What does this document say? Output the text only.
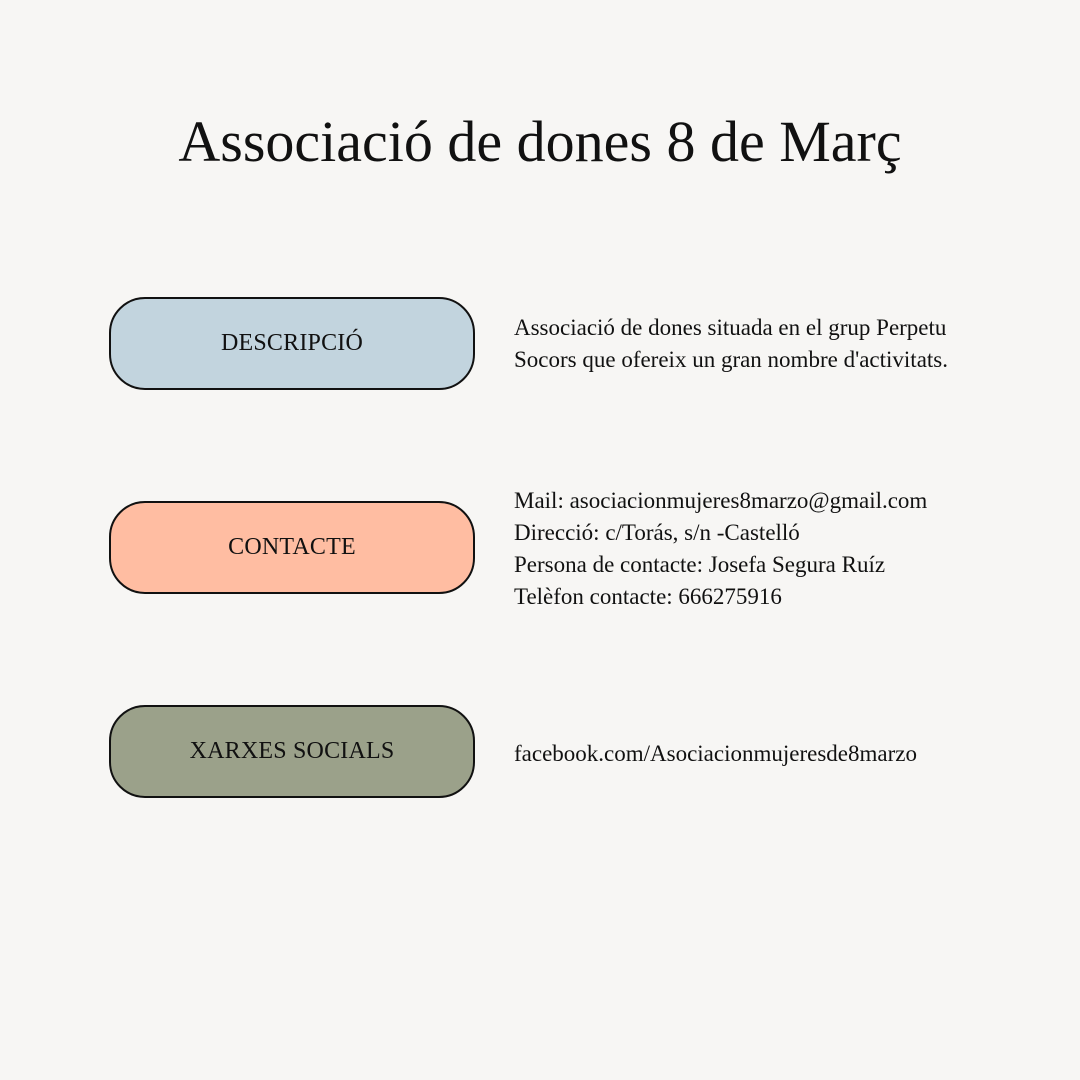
Associació de dones 8 de Març
DESCRIPCIÓ
Associació de dones situada en el grup Perpetu
Socors que ofereix un gran nombre d'activitats.
CONTACTE
Mail: asociacionmujeres8marzo@gmail.com
Direcció: c/Torás, s/n -Castelló
Persona de contacte: Josefa Segura Ruíz
Telèfon contacte: 666275916
XARXES SOCIALS	facebook.com/Asociacionmujeresde8marzo
